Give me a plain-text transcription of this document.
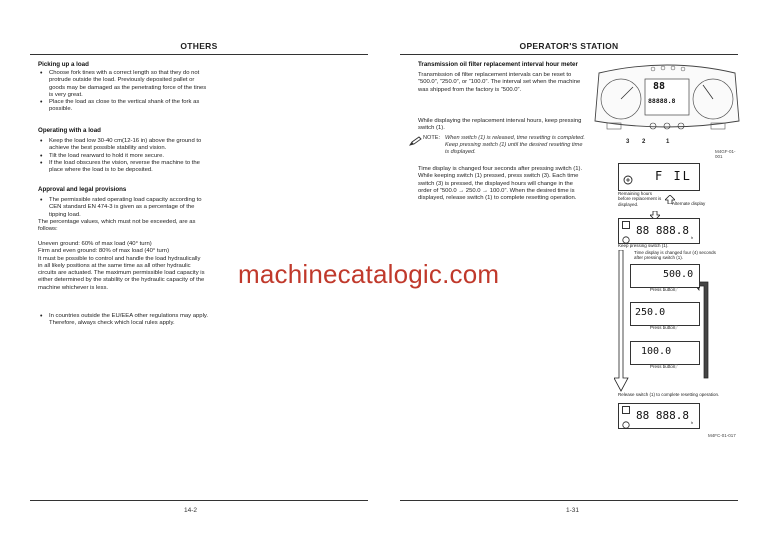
OTHERS
Picking up a load
• Choose fork tines with a correct length so that they do not protrude outside the load. Previously deposited pallet or goods may be damaged as the penetrating force of the tines is very great.
• Place the load as close to the vertical shank of the fork as possible.
Operating with a load
• Keep the load low 30-40 cm(12-16 in) above the ground to achieve the best possible stability and vision.
• Tilt the load rearward to hold it more secure.
• If the load obscures the vision, reverse the machine to the place where the load is to be deposited.
Approval and legal provisions
• The permissible rated operating load capacity according to CEN standard EN 474-3 is given as a percentage of the tipping load.
The percentage values, which must not be exceeded, are as follows:
Uneven ground: 60% of max load (40° turn)
Firm and even ground: 80% of max load (40° turn)
It must be possible to control and handle the load hydraulically in all likely positions at the same time as all other hydraulic circuits are actuated. The maximum permissible load capacity is either determined by the stability or the hydraulic capacity of the machine whichever is less.
• In countries outside the EU/EEA other regulations may apply. Therefore, always check which local rules apply.
14-2
OPERATOR'S STATION
Transmission oil filter replacement interval hour meter
Transmission oil filter replacement intervals can be reset to “500.0”, “250.0”, or “100.0”. The interval set when the machine was shipped from the factory is “500.0”.
While displaying the replacement interval hours, keep pressing switch (1).
NOTE: When switch (1) is released, time resetting is completed. Keep pressing switch (1) until the desired resetting time is displayed.
Time display is changed four seconds after pressing switch (1). While keeping switch (1) pressed, press switch (3). Each time switch (3) is pressed, the displayed hours will change in the order of “500.0 → 250.0 → 100.0”. When the desired time is displayed, release switch (1) to complete resetting operation.
88
88888.8
3 2	1
M4GF-01-001
F IL
Remaining hours before replacement is displayed.	Alternate display
88 888.8
h
Keep pressing switch (1).
Time display is changed four (4) seconds after pressing switch (1).
500.0
Press button
▽
250.0
Press button
▽
100.0
Press button
▽
Release switch (1) to complete resetting operation.
88 888.8
h
M4FC-01-017
1-31
machinecatalogic.com
